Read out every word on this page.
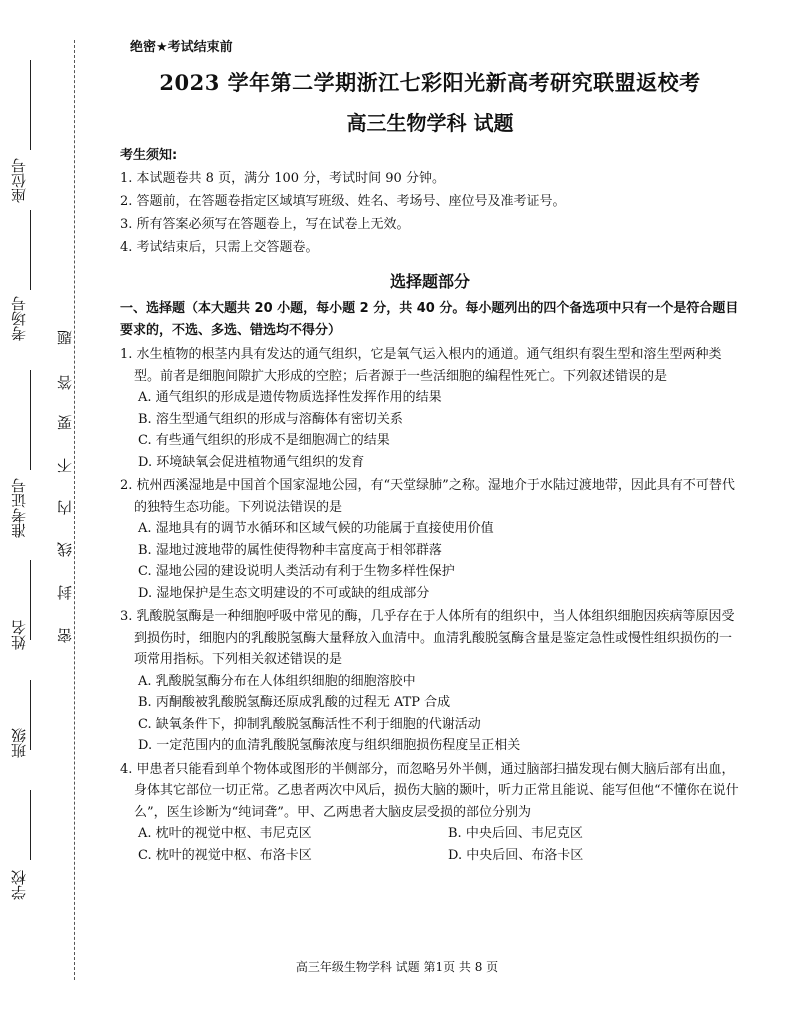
座位号
考场号
准考证号
姓名
班级
学校
题
答
要
不
内
线
封
密
绝密★考试结束前
2023 学年第二学期浙江七彩阳光新高考研究联盟返校考
高三生物学科 试题
考生须知:
1. 本试题卷共 8 页，满分 100 分，考试时间 90 分钟。
2. 答题前，在答题卷指定区域填写班级、姓名、考场号、座位号及准考证号。
3. 所有答案必须写在答题卷上，写在试卷上无效。
4. 考试结束后，只需上交答题卷。
选择题部分
一、选择题（本大题共 20 小题，每小题 2 分，共 40 分。每小题列出的四个备选项中只有一个是符合题目要求的，不选、多选、错选均不得分）
1. 水生植物的根茎内具有发达的通气组织，它是氧气运入根内的通道。通气组织有裂生型和溶生型两种类型。前者是细胞间隙扩大形成的空腔；后者源于一些活细胞的编程性死亡。下列叙述错误的是
A. 通气组织的形成是遗传物质选择性发挥作用的结果
B. 溶生型通气组织的形成与溶酶体有密切关系
C. 有些通气组织的形成不是细胞凋亡的结果
D. 环境缺氧会促进植物通气组织的发育
2. 杭州西溪湿地是中国首个国家湿地公园，有“天堂绿肺”之称。湿地介于水陆过渡地带，因此具有不可替代的独特生态功能。下列说法错误的是
A. 湿地具有的调节水循环和区域气候的功能属于直接使用价值
B. 湿地过渡地带的属性使得物种丰富度高于相邻群落
C. 湿地公园的建设说明人类活动有利于生物多样性保护
D. 湿地保护是生态文明建设的不可或缺的组成部分
3. 乳酸脱氢酶是一种细胞呼吸中常见的酶，几乎存在于人体所有的组织中，当人体组织细胞因疾病等原因受到损伤时，细胞内的乳酸脱氢酶大量释放入血清中。血清乳酸脱氢酶含量是鉴定急性或慢性组织损伤的一项常用指标。下列相关叙述错误的是
A. 乳酸脱氢酶分布在人体组织细胞的细胞溶胶中
B. 丙酮酸被乳酸脱氢酶还原成乳酸的过程无 ATP 合成
C. 缺氧条件下，抑制乳酸脱氢酶活性不利于细胞的代谢活动
D. 一定范围内的血清乳酸脱氢酶浓度与组织细胞损伤程度呈正相关
4. 甲患者只能看到单个物体或图形的半侧部分，而忽略另外半侧，通过脑部扫描发现右侧大脑后部有出血，身体其它部位一切正常。乙患者两次中风后，损伤大脑的颞叶，听力正常且能说、能写但他“不懂你在说什么”，医生诊断为“纯词聋”。甲、乙两患者大脑皮层受损的部位分别为
A. 枕叶的视觉中枢、韦尼克区	B. 中央后回、韦尼克区
C. 枕叶的视觉中枢、布洛卡区	D. 中央后回、布洛卡区
高三年级生物学科 试题 第1页 共 8 页
